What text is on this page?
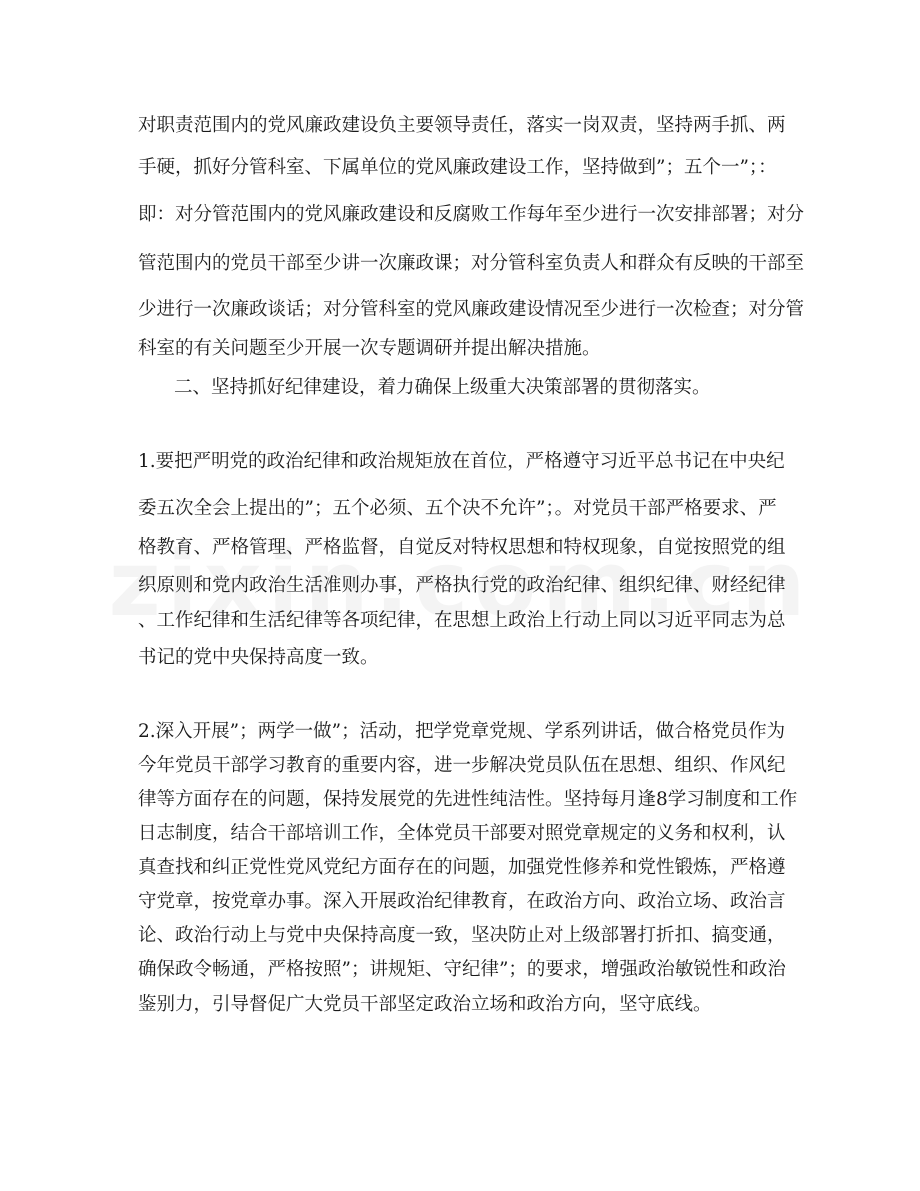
对职责范围内的党风廉政建设负主要领导责任，落实一岗双责，坚持两手抓、两
手硬，抓好分管科室、下属单位的党风廉政建设工作，坚持做到”；五个一”；：
即：对分管范围内的党风廉政建设和反腐败工作每年至少进行一次安排部署；对分
管范围内的党员干部至少讲一次廉政课；对分管科室负责人和群众有反映的干部至
少进行一次廉政谈话；对分管科室的党风廉政建设情况至少进行一次检查；对分管
科室的有关问题至少开展一次专题调研并提出解决措施。
二、坚持抓好纪律建设，着力确保上级重大决策部署的贯彻落实。
1.要把严明党的政治纪律和政治规矩放在首位，严格遵守习近平总书记在中央纪
委五次全会上提出的”；五个必须、五个决不允许”；。对党员干部严格要求、严
格教育、严格管理、严格监督，自觉反对特权思想和特权现象，自觉按照党的组
织原则和党内政治生活准则办事，严格执行党的政治纪律、组织纪律、财经纪律
、工作纪律和生活纪律等各项纪律，在思想上政治上行动上同以习近平同志为总
书记的党中央保持高度一致。
2.深入开展”；两学一做”；活动，把学党章党规、学系列讲话，做合格党员作为
今年党员干部学习教育的重要内容，进一步解决党员队伍在思想、组织、作风纪
律等方面存在的问题，保持发展党的先进性纯洁性。坚持每月逢8学习制度和工作
日志制度，结合干部培训工作，全体党员干部要对照党章规定的义务和权利，认
真查找和纠正党性党风党纪方面存在的问题，加强党性修养和党性锻炼，严格遵
守党章，按党章办事。深入开展政治纪律教育，在政治方向、政治立场、政治言
论、政治行动上与党中央保持高度一致，坚决防止对上级部署打折扣、搞变通，
确保政令畅通，严格按照”；讲规矩、守纪律”；的要求，增强政治敏锐性和政治
鉴别力，引导督促广大党员干部坚定政治立场和政治方向，坚守底线。
